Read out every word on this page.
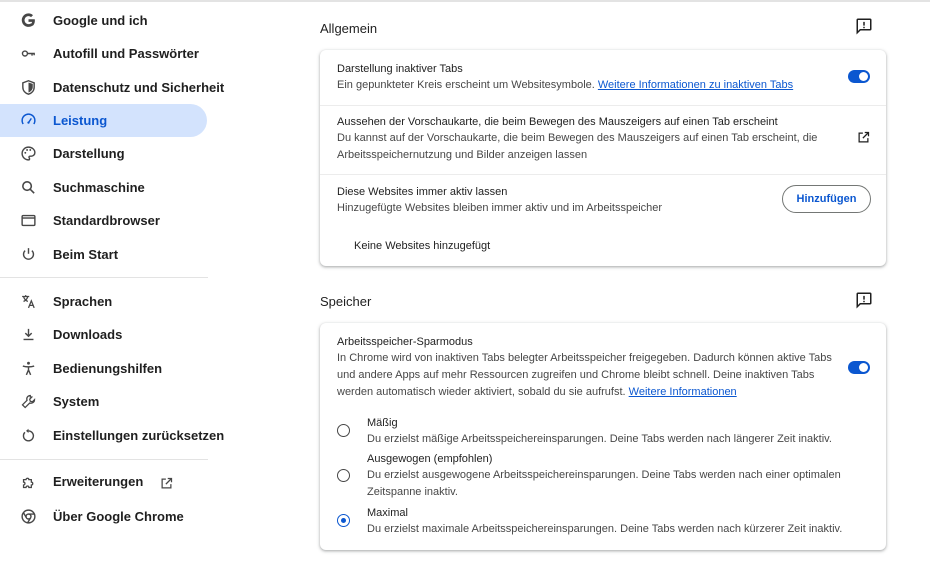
Google und ich
Autofill und Passwörter
Datenschutz und Sicherheit
Leistung
Darstellung
Suchmaschine
Standardbrowser
Beim Start
Sprachen
Downloads
Bedienungshilfen
System
Einstellungen zurücksetzen
Erweiterungen
Über Google Chrome
Allgemein
Darstellung inaktiver Tabs
Ein gepunkteter Kreis erscheint um Websitesymbole. Weitere Informationen zu inaktiven Tabs
Aussehen der Vorschaukarte, die beim Bewegen des Mauszeigers auf einen Tab erscheint
Du kannst auf der Vorschaukarte, die beim Bewegen des Mauszeigers auf einen Tab erscheint, die Arbeitsspeichernutzung und Bilder anzeigen lassen
Diese Websites immer aktiv lassen
Hinzugefügte Websites bleiben immer aktiv und im Arbeitsspeicher
Hinzufügen
Keine Websites hinzugefügt
Speicher
Arbeitsspeicher-Sparmodus
In Chrome wird von inaktiven Tabs belegter Arbeitsspeicher freigegeben. Dadurch können aktive Tabs und andere Apps auf mehr Ressourcen zugreifen und Chrome bleibt schnell. Deine inaktiven Tabs werden automatisch wieder aktiviert, sobald du sie aufrufst. Weitere Informationen
Mäßig
Du erzielst mäßige Arbeitsspeichereinsparungen. Deine Tabs werden nach längerer Zeit inaktiv.
Ausgewogen (empfohlen)
Du erzielst ausgewogene Arbeitsspeichereinsparungen. Deine Tabs werden nach einer optimalen Zeitspanne inaktiv.
Maximal
Du erzielst maximale Arbeitsspeichereinsparungen. Deine Tabs werden nach kürzerer Zeit inaktiv.
